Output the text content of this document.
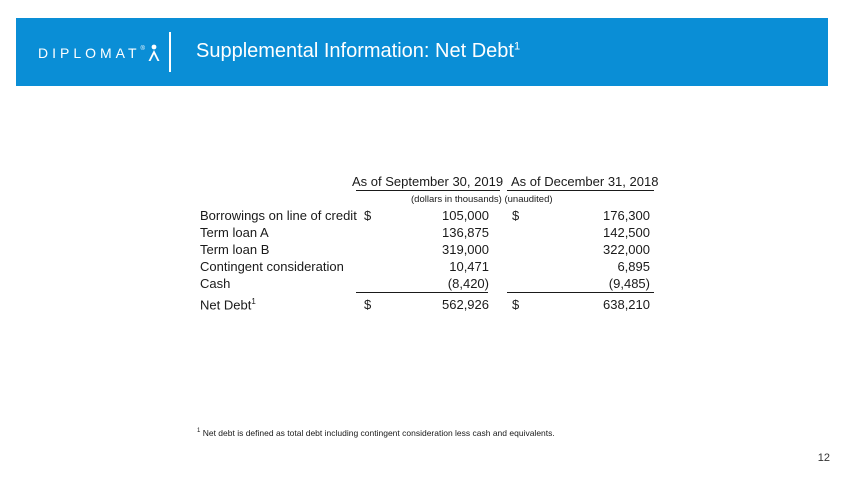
DIPLOMAT ®	Supplemental Information: Net Debt$^1$
As of September 30, 2019 As of December 31, 2018
(dollars in thousands) (unaudited)
Borrowings on line of credit $	105,000 $	176,300
Term loan A	136,875	142,500
Term loan B	319,000	322,000
Contingent consideration	10,471	6,895
Cash	(8,420)	(9,485)
Net Debt$^1$	$	562,926 $	638,210
$^1$ Net debt is defined as total debt including contingent consideration less cash and equivalents.
12
